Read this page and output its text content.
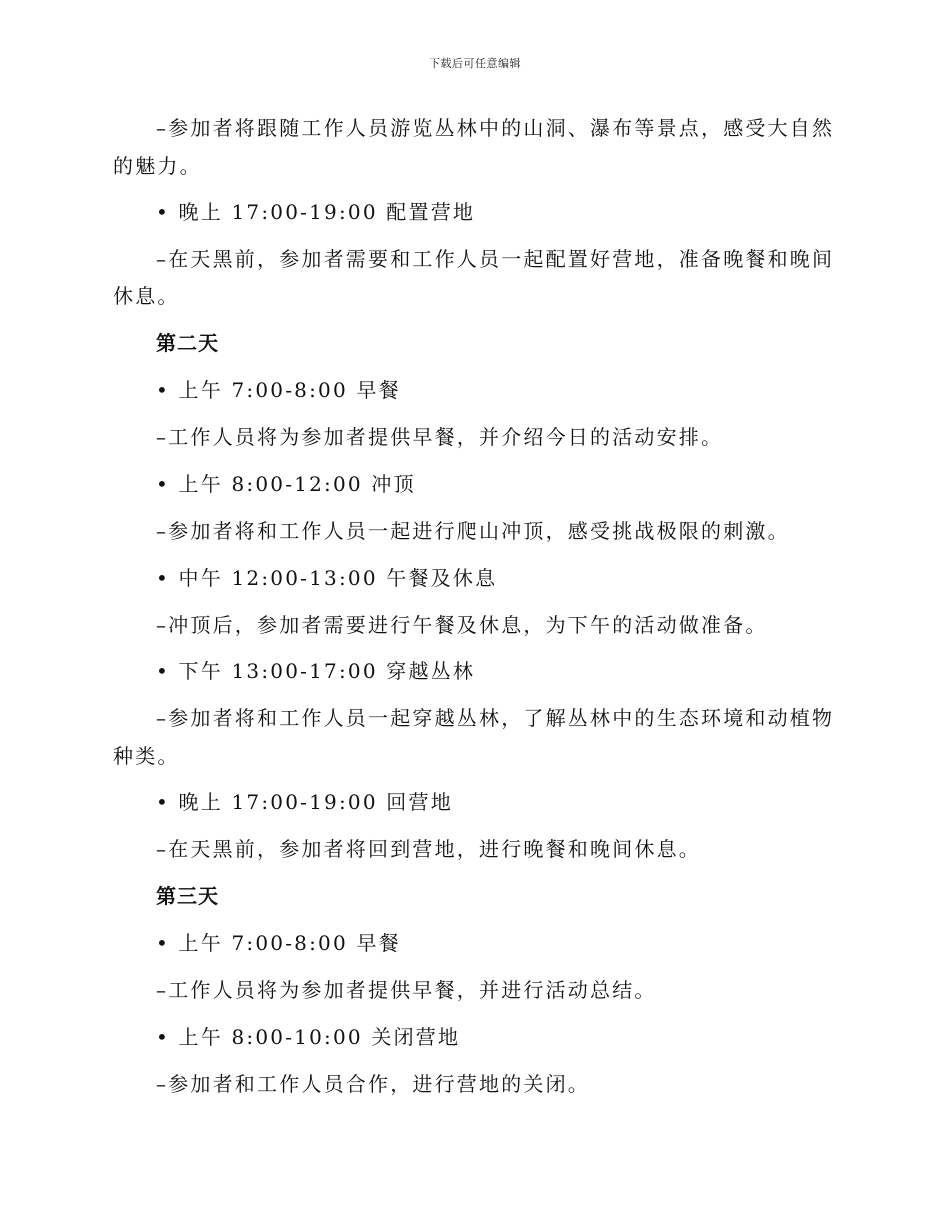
下载后可任意编辑
–参加者将跟随工作人员游览丛林中的山洞、瀑布等景点，感受大自然
的魅力。
• 晚上 17:00-19:00 配置营地
–在天黑前，参加者需要和工作人员一起配置好营地，准备晚餐和晚间
休息。
第二天
• 上午 7:00-8:00 早餐
–工作人员将为参加者提供早餐，并介绍今日的活动安排。
• 上午 8:00-12:00 冲顶
–参加者将和工作人员一起进行爬山冲顶，感受挑战极限的刺激。
• 中午 12:00-13:00 午餐及休息
–冲顶后，参加者需要进行午餐及休息，为下午的活动做准备。
• 下午 13:00-17:00 穿越丛林
–参加者将和工作人员一起穿越丛林，了解丛林中的生态环境和动植物
种类。
• 晚上 17:00-19:00 回营地
–在天黑前，参加者将回到营地，进行晚餐和晚间休息。
第三天
• 上午 7:00-8:00 早餐
–工作人员将为参加者提供早餐，并进行活动总结。
• 上午 8:00-10:00 关闭营地
–参加者和工作人员合作，进行营地的关闭。
